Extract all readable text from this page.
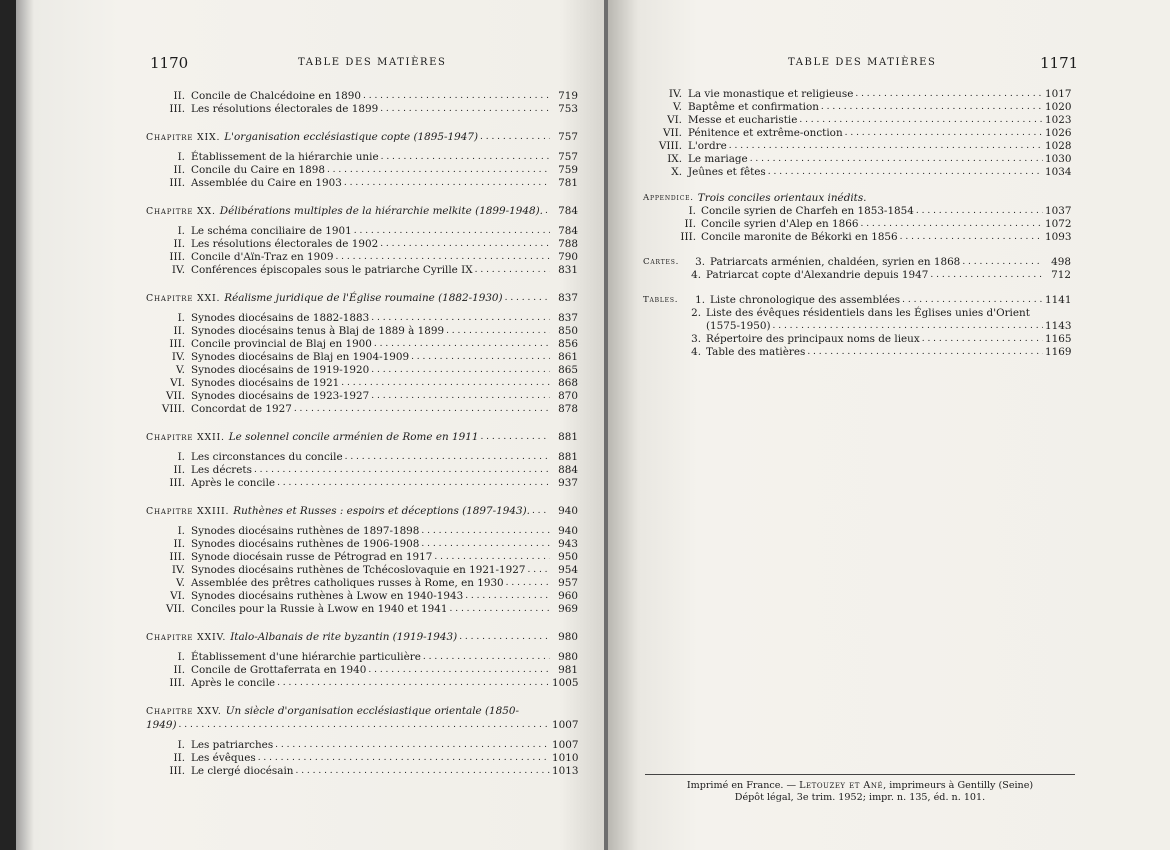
1170	TABLE DES MATIÈRES
II. Concile de Chalcédoine en 1890 . . .	719
III. Les résolutions électorales de 1899 . . .	753
Chapitre XIX. L'organisation ecclésiastique copte (1895-1947) . . .	757
I. Établissement de la hiérarchie unie . . .	757
II. Concile du Caire en 1898 . . .	759
III. Assemblée du Caire en 1903 . . .	781
Chapitre XX. Délibérations multiples de la hiérarchie melkite (1899-1948). . . .	784
I. Le schéma conciliaire de 1901 . . .	784
II. Les résolutions électorales de 1902 . . .	788
III. Concile d'Aïn-Traz en 1909 . . .	790
IV. Conférences épiscopales sous le patriarche Cyrille IX . . .	831
Chapitre XXI. Réalisme juridique de l'Église roumaine (1882-1930) . . .	837
I. Synodes diocésains de 1882-1883 . . .	837
II. Synodes diocésains tenus à Blaj de 1889 à 1899 . . .	850
III. Concile provincial de Blaj en 1900 . . .	856
IV. Synodes diocésains de Blaj en 1904-1909 . . .	861
V. Synodes diocésains de 1919-1920 . . .	865
VI. Synodes diocésains de 1921 . . .	868
VII. Synodes diocésains de 1923-1927 . . .	870
VIII. Concordat de 1927 . . .	878
Chapitre XXII. Le solennel concile arménien de Rome en 1911 . . .	881
I. Les circonstances du concile . . .	881
II. Les décrets . . .	884
III. Après le concile . . .	937
Chapitre XXIII. Ruthènes et Russes : espoirs et déceptions (1897-1943). . . .	940
I. Synodes diocésains ruthènes de 1897-1898 . . .	940
II. Synodes diocésains ruthènes de 1906-1908 . . .	943
III. Synode diocésain russe de Pétrograd en 1917 . . .	950
IV. Synodes diocésains ruthènes de Tchécoslovaquie en 1921-1927 . . .	954
V. Assemblée des prêtres catholiques russes à Rome, en 1930 . . .	957
VI. Synodes diocésains ruthènes à Lwow en 1940-1943 . . .	960
VII. Conciles pour la Russie à Lwow en 1940 et 1941 . . .	969
Chapitre XXIV. Italo-Albanais de rite byzantin (1919-1943) . . .	980
I. Établissement d'une hiérarchie particulière . . .	980
II. Concile de Grottaferrata en 1940 . . .	981
III. Après le concile . . .	1005
Chapitre XXV. Un siècle d'organisation ecclésiastique orientale (1850-
1949) . . .	1007
I. Les patriarches . . .	1007
II. Les évêques . . .	1010
III. Le clergé diocésain . . .	1013
TABLE DES MATIÈRES	1171
IV. La vie monastique et religieuse . . .	1017
V. Baptême et confirmation . . .	1020
VI. Messe et eucharistie . . .	1023
VII. Pénitence et extrême-onction . . .	1026
VIII. L'ordre . . .	1028
IX. Le mariage . . .	1030
X. Jeûnes et fêtes . . .	1034
Appendice. Trois conciles orientaux inédits.
I. Concile syrien de Charfeh en 1853-1854 . . .	1037
II. Concile syrien d'Alep en 1866 . . .	1072
III. Concile maronite de Békorki en 1856 . . .	1093
Cartes.	3. Patriarcats arménien, chaldéen, syrien en 1868 . . .	498
4. Patriarcat copte d'Alexandrie depuis 1947 . . .	712
Tables.	1. Liste chronologique des assemblées . . .	1141
2. Liste des évêques résidentiels dans les Églises unies d'Orient
(1575-1950) . . .	1143
3. Répertoire des principaux noms de lieux . . .	1165
4. Table des matières . . .	1169
Imprimé en France. — Letouzey et Ané, imprimeurs à Gentilly (Seine)
Dépôt légal, 3e trim. 1952; impr. n. 135, éd. n. 101.
